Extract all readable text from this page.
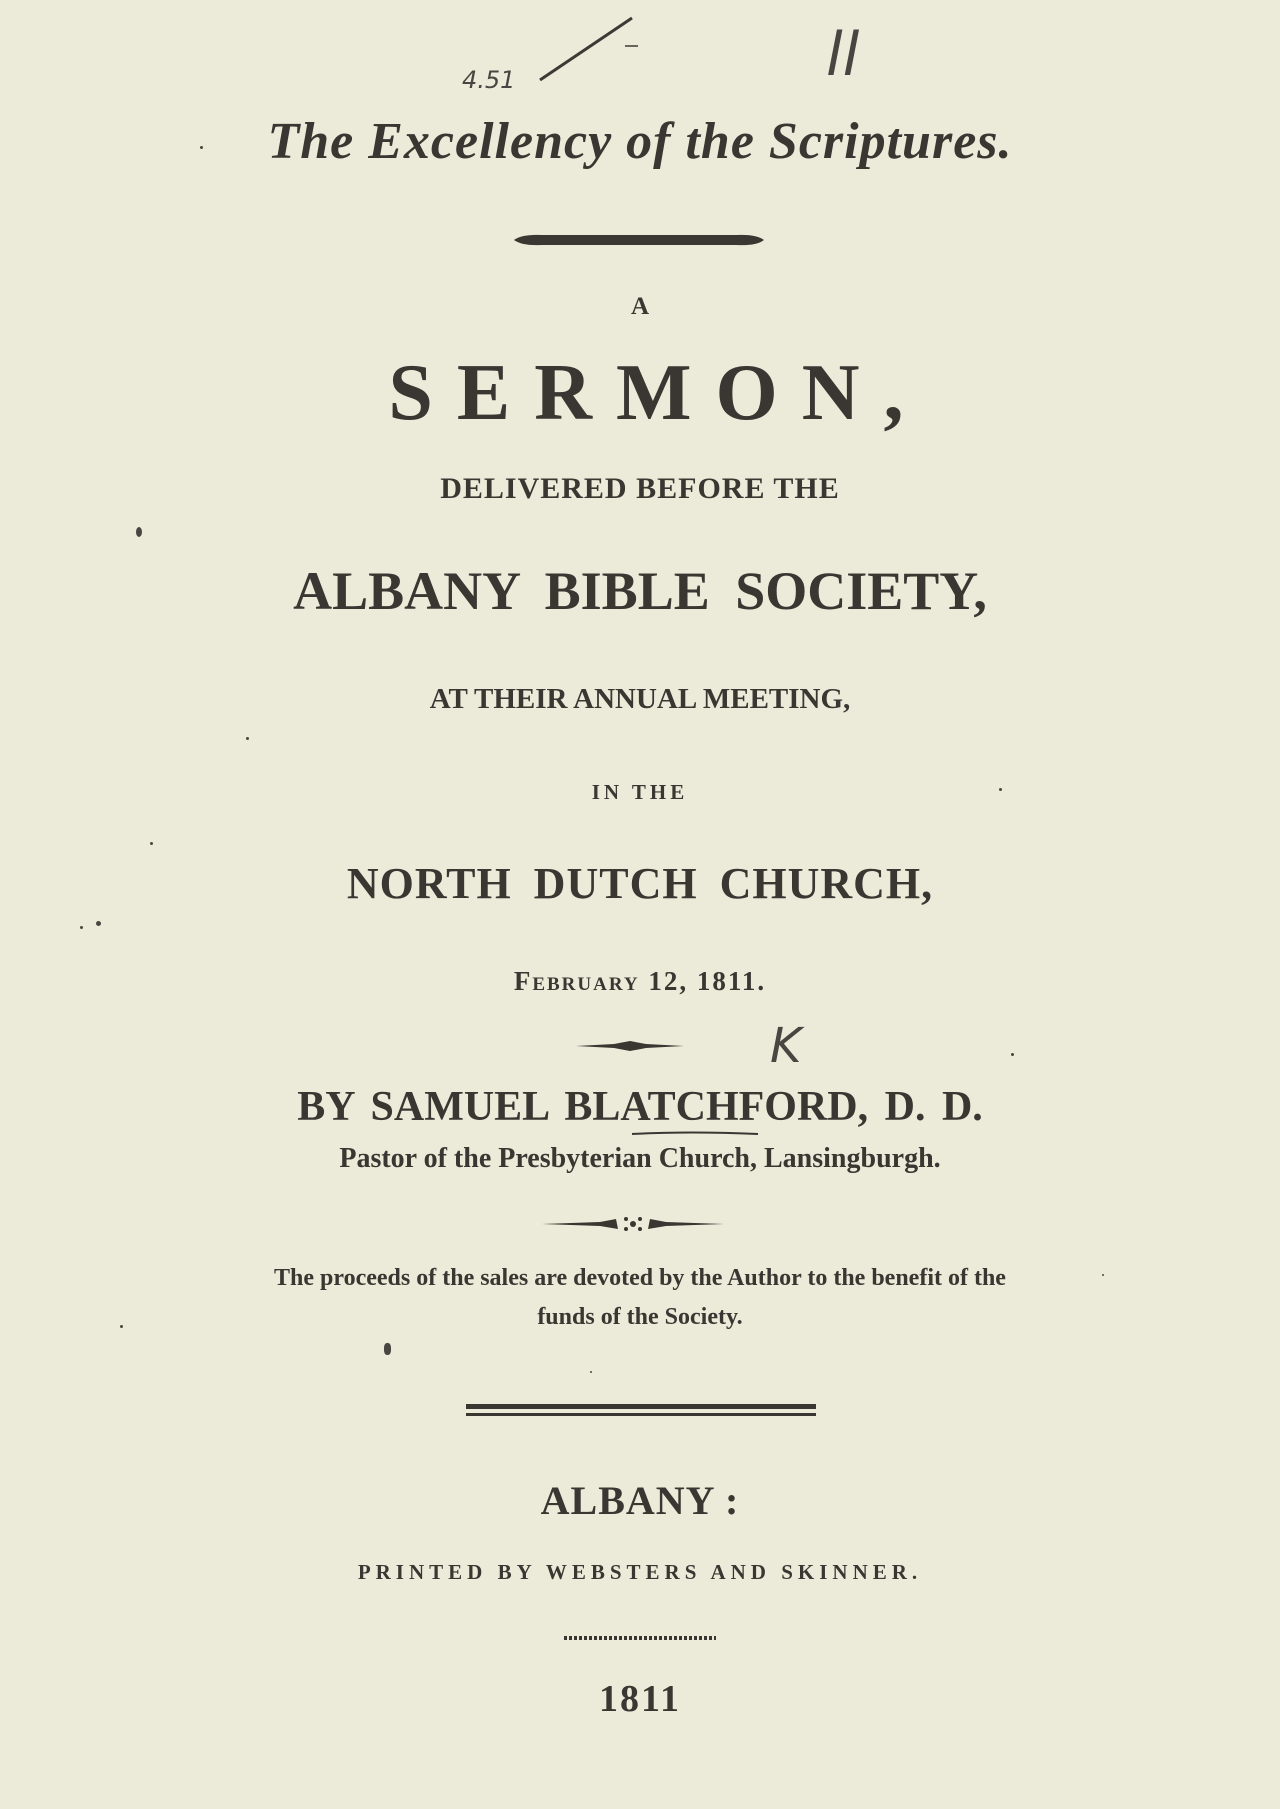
4.51	ll
K
The Excellency of the Scriptures.
A
SERMON,
DELIVERED BEFORE THE
ALBANY BIBLE SOCIETY,
AT THEIR ANNUAL MEETING,
IN THE
NORTH DUTCH CHURCH,
February 12, 1811.
BY SAMUEL BLATCHFORD, D. D.
Pastor of the Presbyterian Church, Lansingburgh.
The proceeds of the sales are devoted by the Author to the benefit of the
funds of the Society.
ALBANY :
PRINTED BY WEBSTERS AND SKINNER.
1811
